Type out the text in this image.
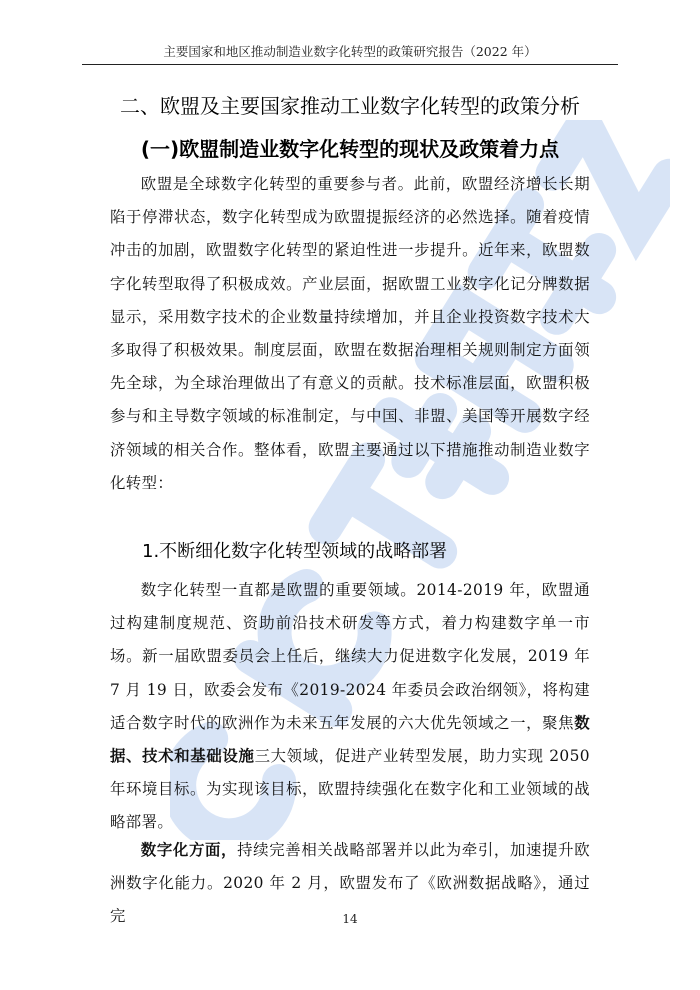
主要国家和地区推动制造业数字化转型的政策研究报告（2022 年）
二、欧盟及主要国家推动工业数字化转型的政策分析
(一)欧盟制造业数字化转型的现状及政策着力点
欧盟是全球数字化转型的重要参与者。此前，欧盟经济增长长期陷于停滞状态，数字化转型成为欧盟提振经济的必然选择。随着疫情冲击的加剧，欧盟数字化转型的紧迫性进一步提升。近年来，欧盟数字化转型取得了积极成效。产业层面，据欧盟工业数字化记分牌数据显示，采用数字技术的企业数量持续增加，并且企业投资数字技术大多取得了积极效果。制度层面，欧盟在数据治理相关规则制定方面领先全球，为全球治理做出了有意义的贡献。技术标准层面，欧盟积极参与和主导数字领域的标准制定，与中国、非盟、美国等开展数字经济领域的相关合作。整体看，欧盟主要通过以下措施推动制造业数字化转型：
1.不断细化数字化转型领域的战略部署
数字化转型一直都是欧盟的重要领域。2014-2019 年，欧盟通过构建制度规范、资助前沿技术研发等方式，着力构建数字单一市场。新一届欧盟委员会上任后，继续大力促进数字化发展，2019 年 7 月 19 日，欧委会发布《2019-2024 年委员会政治纲领》，将构建适合数字时代的欧洲作为未来五年发展的六大优先领域之一，聚焦数据、技术和基础设施三大领域，促进产业转型发展，助力实现 2050 年环境目标。为实现该目标，欧盟持续强化在数字化和工业领域的战略部署。
数字化方面，持续完善相关战略部署并以此为牵引，加速提升欧洲数字化能力。2020 年 2 月，欧盟发布了《欧洲数据战略》，通过完	14
